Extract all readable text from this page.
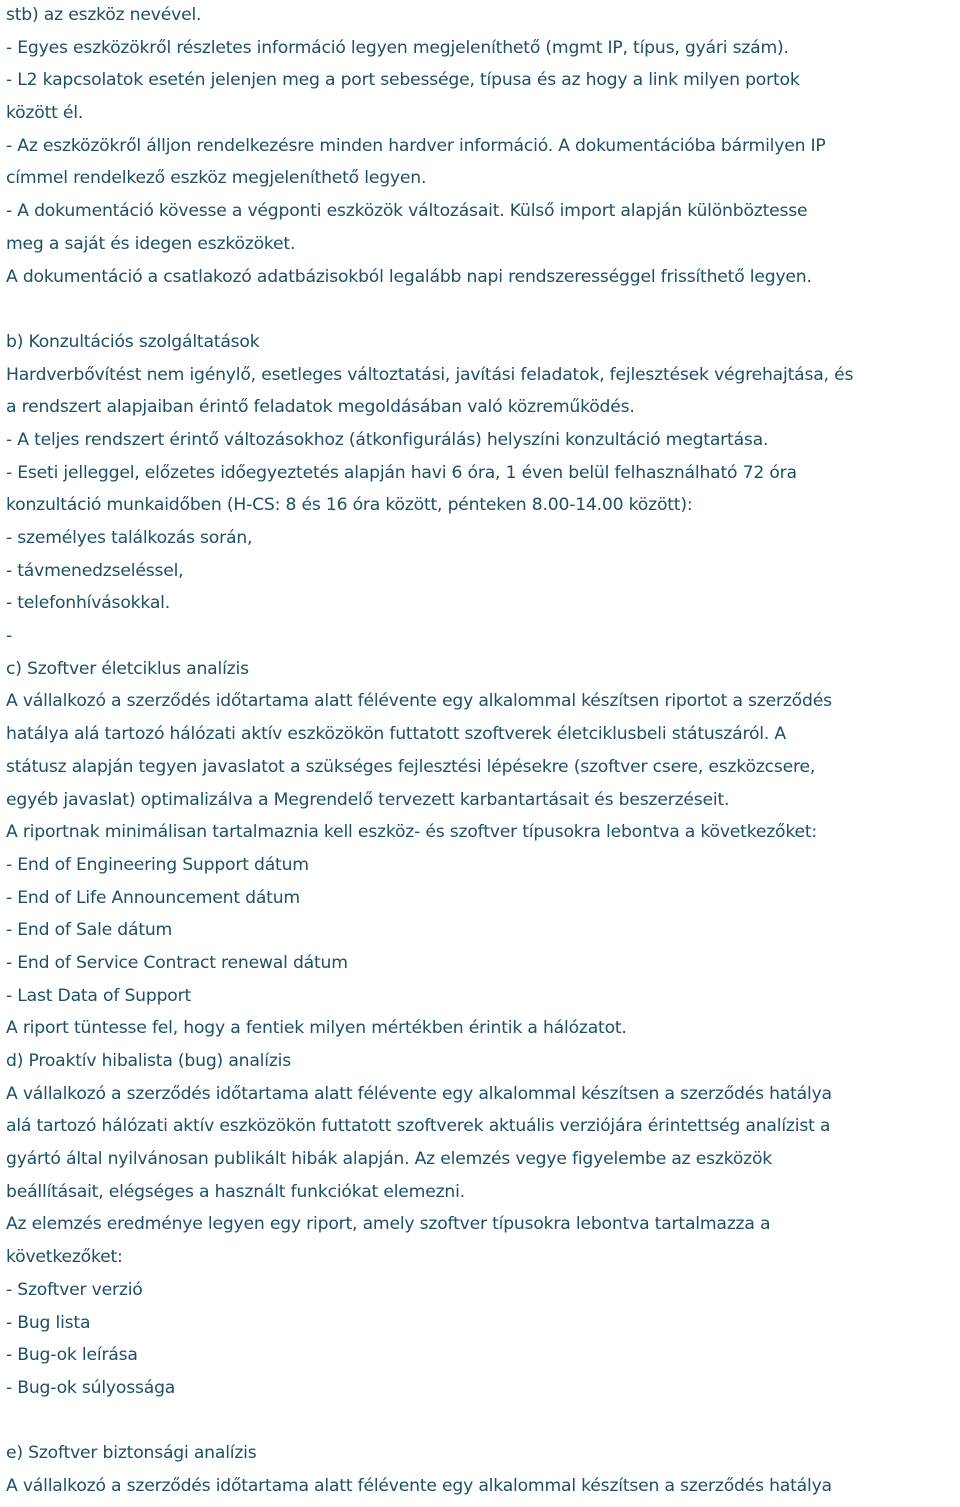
stb) az eszköz nevével.
- Egyes eszközökről részletes információ legyen megjeleníthető (mgmt IP, típus, gyári szám).
- L2 kapcsolatok esetén jelenjen meg a port sebessége, típusa és az hogy a link milyen portok
között él.
- Az eszközökről álljon rendelkezésre minden hardver információ. A dokumentációba bármilyen IP
címmel rendelkező eszköz megjeleníthető legyen.
- A dokumentáció kövesse a végponti eszközök változásait. Külső import alapján különböztesse
meg a saját és idegen eszközöket.
A dokumentáció a csatlakozó adatbázisokból legalább napi rendszerességgel frissíthető legyen.
b) Konzultációs szolgáltatások
Hardverbővítést nem igénylő, esetleges változtatási, javítási feladatok, fejlesztések végrehajtása, és
a rendszert alapjaiban érintő feladatok megoldásában való közreműködés.
- A teljes rendszert érintő változásokhoz (átkonfigurálás) helyszíni konzultáció megtartása.
- Eseti jelleggel, előzetes időegyeztetés alapján havi 6 óra, 1 éven belül felhasználható 72 óra
konzultáció munkaidőben (H-CS: 8 és 16 óra között, pénteken 8.00-14.00 között):
- személyes találkozás során,
- távmenedzseléssel,
- telefonhívásokkal.
-
c) Szoftver életciklus analízis
A vállalkozó a szerződés időtartama alatt félévente egy alkalommal készítsen riportot a szerződés
hatálya alá tartozó hálózati aktív eszközökön futtatott szoftverek életciklusbeli státuszáról. A
státusz alapján tegyen javaslatot a szükséges fejlesztési lépésekre (szoftver csere, eszközcsere,
egyéb javaslat) optimalizálva a Megrendelő tervezett karbantartásait és beszerzéseit.
A riportnak minimálisan tartalmaznia kell eszköz- és szoftver típusokra lebontva a következőket:
- End of Engineering Support dátum
- End of Life Announcement dátum
- End of Sale dátum
- End of Service Contract renewal dátum
- Last Data of Support
A riport tüntesse fel, hogy a fentiek milyen mértékben érintik a hálózatot.
d) Proaktív hibalista (bug) analízis
A vállalkozó a szerződés időtartama alatt félévente egy alkalommal készítsen a szerződés hatálya
alá tartozó hálózati aktív eszközökön futtatott szoftverek aktuális verziójára érintettség analízist a
gyártó által nyilvánosan publikált hibák alapján. Az elemzés vegye figyelembe az eszközök
beállításait, elégséges a használt funkciókat elemezni.
Az elemzés eredménye legyen egy riport, amely szoftver típusokra lebontva tartalmazza a
következőket:
- Szoftver verzió
- Bug lista
- Bug-ok leírása
- Bug-ok súlyossága
e) Szoftver biztonsági analízis
A vállalkozó a szerződés időtartama alatt félévente egy alkalommal készítsen a szerződés hatálya
